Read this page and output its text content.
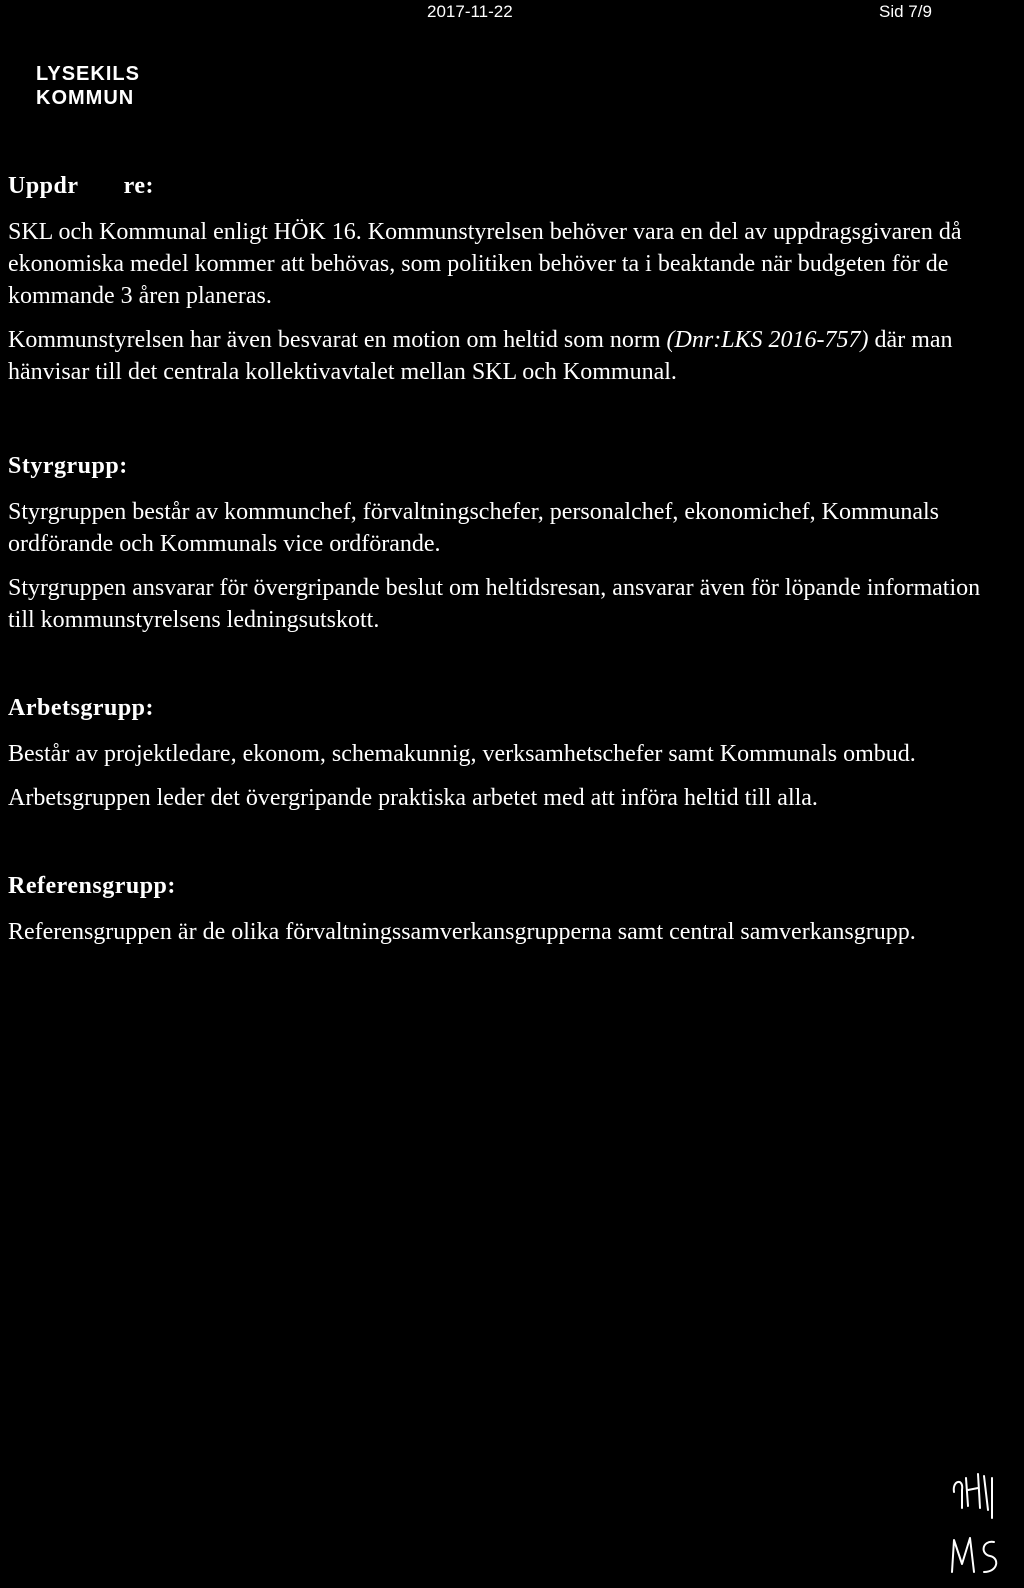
2017-11-22	Sid 7/9
LYSEKILS
KOMMUN
Uppdr       re:

SKL och Kommunal enligt HÖK 16. Kommunstyrelsen behöver vara en del av uppdragsgivaren då ekonomiska medel kommer att behövas, som politiken behöver ta i beaktande när budgeten för de kommande 3 åren planeras.

Kommunstyrelsen har även besvarat en motion om heltid som norm (Dnr:LKS 2016-757) där man hänvisar till det centrala kollektivavtalet mellan SKL och Kommunal.

Styrgrupp:

Styrgruppen består av kommunchef, förvaltningschefer, personalchef, ekonomichef, Kommunals ordförande och Kommunals vice ordförande.

Styrgruppen ansvarar för övergripande beslut om heltidsresan, ansvarar även för löpande information till kommunstyrelsens ledningsutskott.

Arbetsgrupp:

Består av projektledare, ekonom, schemakunnig, verksamhetschefer samt Kommunals ombud.

Arbetsgruppen leder det övergripande praktiska arbetet med att införa heltid till alla.

Referensgrupp:

Referensgruppen är de olika förvaltningssamverkansgrupperna samt central samverkansgrupp.
